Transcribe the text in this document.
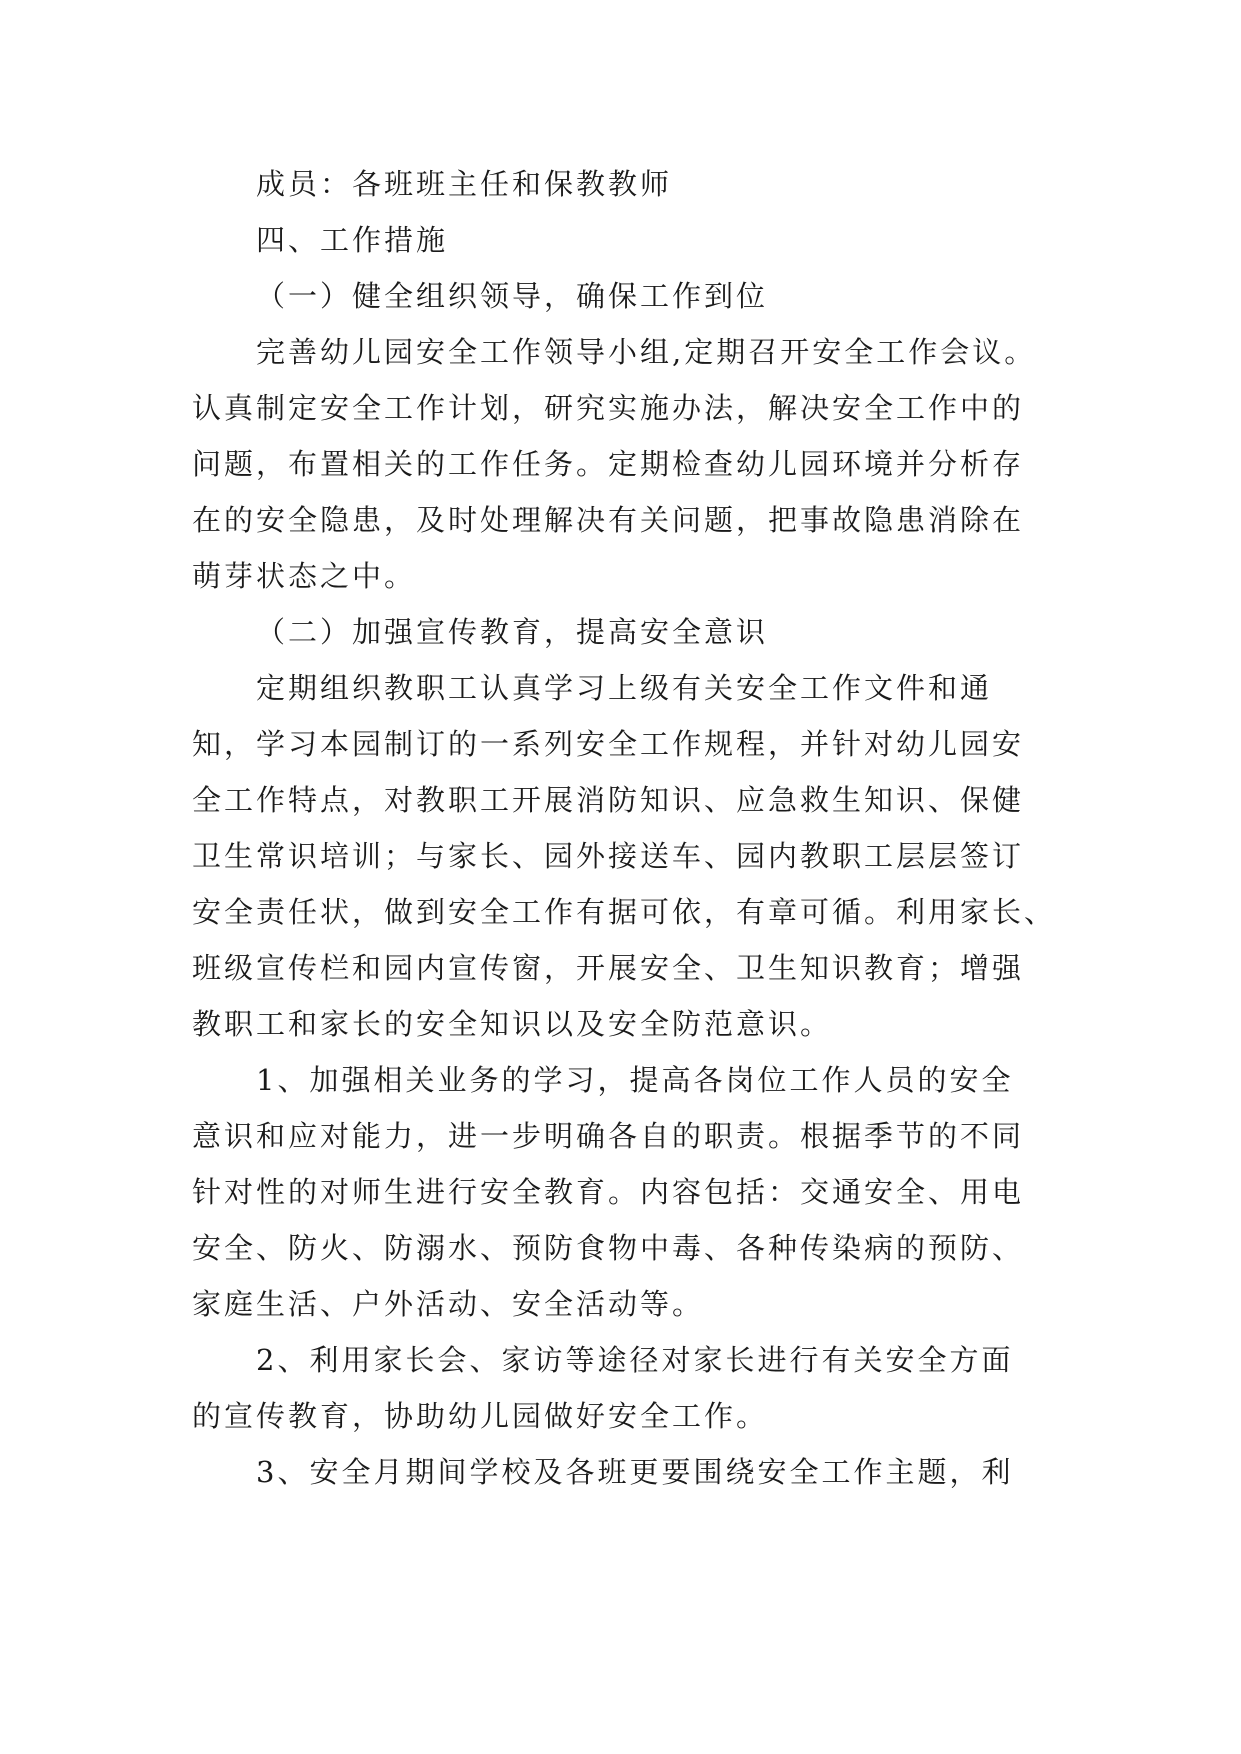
成员：各班班主任和保教教师
四、工作措施
（一）健全组织领导，确保工作到位
完善幼儿园安全工作领导小组,定期召开安全工作会议。
认真制定安全工作计划，研究实施办法，解决安全工作中的
问题，布置相关的工作任务。定期检查幼儿园环境并分析存
在的安全隐患，及时处理解决有关问题，把事故隐患消除在
萌芽状态之中。
（二）加强宣传教育，提高安全意识
定期组织教职工认真学习上级有关安全工作文件和通
知，学习本园制订的一系列安全工作规程，并针对幼儿园安
全工作特点，对教职工开展消防知识、应急救生知识、保健
卫生常识培训；与家长、园外接送车、园内教职工层层签订
安全责任状，做到安全工作有据可依，有章可循。利用家长、
班级宣传栏和园内宣传窗，开展安全、卫生知识教育；增强
教职工和家长的安全知识以及安全防范意识。
1、加强相关业务的学习，提高各岗位工作人员的安全
意识和应对能力，进一步明确各自的职责。根据季节的不同
针对性的对师生进行安全教育。内容包括：交通安全、用电
安全、防火、防溺水、预防食物中毒、各种传染病的预防、
家庭生活、户外活动、安全活动等。
2、利用家长会、家访等途径对家长进行有关安全方面
的宣传教育，协助幼儿园做好安全工作。
3、安全月期间学校及各班更要围绕安全工作主题，利
